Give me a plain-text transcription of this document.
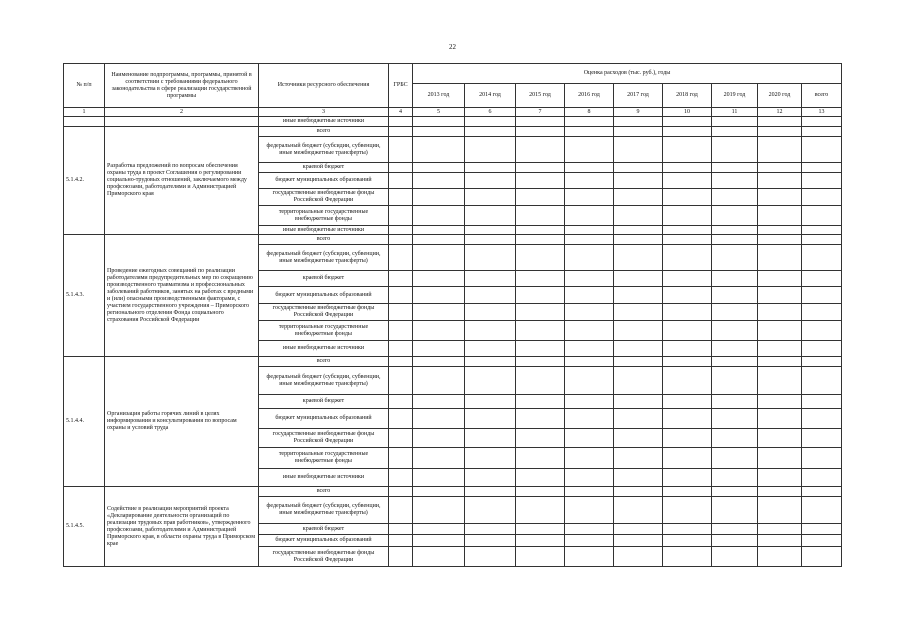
22
№ п/п	Наименование подпрограммы, программы, принятой в соответствии с требованиями федерального законодательства в сфере реализации государственной программы	Источники ресурсного обеспечения	ГРБС	Оценка расходов (тыс. руб.), годы								
				2013 год	2014 год	2015 год	2016 год	2017 год	2018 год	2019 год	2020 год	всего
1	2	3	4	5	6	7	8	9	10	11	12	13
		иные внебюджетные источники										
5.1.4.2.	Разработка предложений по вопросам обеспечения охраны труда в проект Соглашения о регулировании социально-трудовых отношений, заключаемого между профсоюзами, работодателями и Администрацией Приморского края	всего										
		федеральный бюджет (субсидии, субвенции, иные межбюджетные трансферты)										
		краевой бюджет										
		бюджет муниципальных образований										
		государственные внебюджетные фонды Российской Федерации										
		территориальные государственные внебюджетные фонды										
		иные внебюджетные источники										
5.1.4.3.	Проведение ежегодных совещаний по реализации работодателями предупредительных мер по сокращению производственного травматизма и профессиональных заболеваний работников, занятых на работах с вредными и (или) опасными производственными факторами, с участием государственного учреждения – Приморского регионального отделения Фонда социального страхования Российской Федерации	всего										
		федеральный бюджет (субсидии, субвенции, иные межбюджетные трансферты)										
		краевой бюджет										
		бюджет муниципальных образований										
		государственные внебюджетные фонды Российской Федерации										
		территориальные государственные внебюджетные фонды										
		иные внебюджетные источники										
5.1.4.4.	Организация работы горячих линий в целях информирования и консультирования по вопросам охраны и условий труда	всего										
		федеральный бюджет (субсидии, субвенции, иные межбюджетные трансферты)										
		краевой бюджет										
		бюджет муниципальных образований										
		государственные внебюджетные фонды Российской Федерации										
		территориальные государственные внебюджетные фонды										
		иные внебюджетные источники										
5.1.4.5.	Содействие в реализации мероприятий проекта «Декларирование деятельности организаций по реализации трудовых прав работников», утвержденного профсоюзами, работодателями и Администрацией Приморского края, в области охраны труда в Приморском крае	всего										
		федеральный бюджет (субсидии, субвенции, иные межбюджетные трансферты)										
		краевой бюджет										
		бюджет муниципальных образований										
		государственные внебюджетные фонды Российской Федерации										
